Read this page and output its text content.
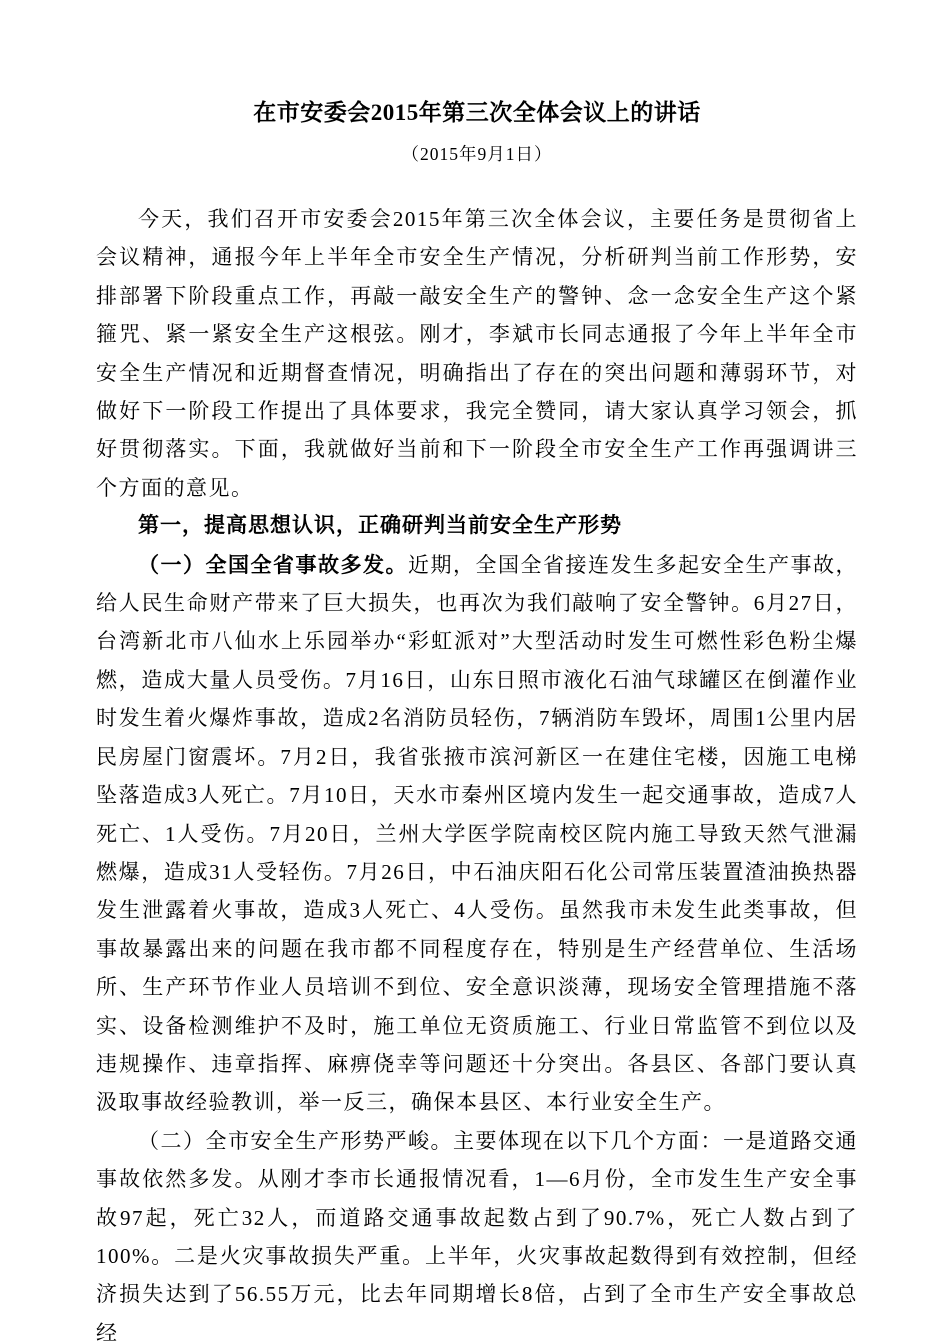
在市安委会2015年第三次全体会议上的讲话
（2015年9月1日）

今天，我们召开市安委会2015年第三次全体会议，主要任务是贯彻省上会议精神，通报今年上半年全市安全生产情况，分析研判当前工作形势，安排部署下阶段重点工作，再敲一敲安全生产的警钟、念一念安全生产这个紧箍咒、紧一紧安全生产这根弦。刚才，李斌市长同志通报了今年上半年全市安全生产情况和近期督查情况，明确指出了存在的突出问题和薄弱环节，对做好下一阶段工作提出了具体要求，我完全赞同，请大家认真学习领会，抓好贯彻落实。下面，我就做好当前和下一阶段全市安全生产工作再强调讲三个方面的意见。

第一，提高思想认识，正确研判当前安全生产形势

（一）全国全省事故多发。近期，全国全省接连发生多起安全生产事故，给人民生命财产带来了巨大损失，也再次为我们敲响了安全警钟。6月27日，台湾新北市八仙水上乐园举办“彩虹派对”大型活动时发生可燃性彩色粉尘爆燃，造成大量人员受伤。7月16日，山东日照市液化石油气球罐区在倒灌作业时发生着火爆炸事故，造成2名消防员轻伤，7辆消防车毁坏，周围1公里内居民房屋门窗震坏。7月2日，我省张掖市滨河新区一在建住宅楼，因施工电梯坠落造成3人死亡。7月10日，天水市秦州区境内发生一起交通事故，造成7人死亡、1人受伤。7月20日，兰州大学医学院南校区院内施工导致天然气泄漏燃爆，造成31人受轻伤。7月26日，中石油庆阳石化公司常压装置渣油换热器发生泄露着火事故，造成3人死亡、4人受伤。虽然我市未发生此类事故，但事故暴露出来的问题在我市都不同程度存在，特别是生产经营单位、生活场所、生产环节作业人员培训不到位、安全意识淡薄，现场安全管理措施不落实、设备检测维护不及时，施工单位无资质施工、行业日常监管不到位以及违规操作、违章指挥、麻痹侥幸等问题还十分突出。各县区、各部门要认真汲取事故经验教训，举一反三，确保本县区、本行业安全生产。

（二）全市安全生产形势严峻。主要体现在以下几个方面：一是道路交通事故依然多发。从刚才李市长通报情况看，1—6月份，全市发生生产安全事故97起，死亡32人，而道路交通事故起数占到了90.7%，死亡人数占到了100%。二是火灾事故损失严重。上半年，火灾事故起数得到有效控制，但经济损失达到了56.55万元，比去年同期增长8倍，占到了全市生产安全事故总经
